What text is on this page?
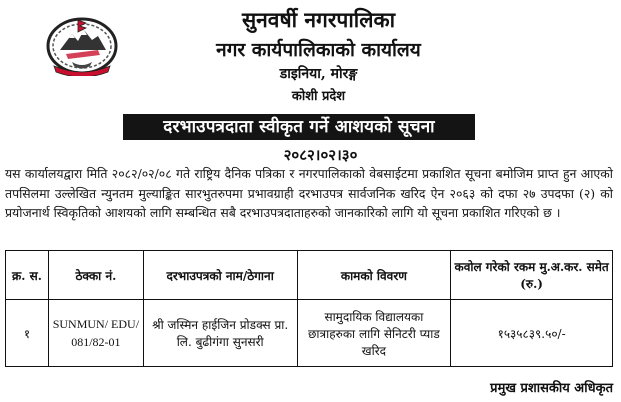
सुनवर्षी नगरपालिका
नगर कार्यपालिकाको कार्यालय
डाइनिया, मोरङ्ग
कोशी प्रदेश
दरभाउपत्रदाता स्वीकृत गर्ने आशयको सूचना
२०८२।०२।३०
यस कार्यालयद्वारा मिति २०८२/०२/०८ गते राष्ट्रिय दैनिक पत्रिका र नगरपालिकाको वेबसाईटमा प्रकाशित सूचना बमोजिम प्राप्त हुन आएको तपसिलमा उल्लेखित न्युनतम मुल्याङ्कित सारभुतरुपमा प्रभावग्राही दरभाउपत्र सार्वजनिक खरिद ऐन २०६३ को दफा २७ उपदफा (२) को प्रयोजनार्थ स्विकृतिको आशयको लागि सम्बन्धित सबै दरभाउपत्रदाताहरुको जानकारिको लागि यो सूचना प्रकाशित गरिएको छ ।
क्र. स.	ठेक्का नं.	दरभाउपत्रको नाम/ठेगाना	कामको विवरण	कवोल गरेको रकम मु.अ.कर. समेत (रु.)
१	SUNMUN/ EDU/ 081/82-01	श्री जस्मिन हाईजिन प्रोडक्स प्रा. लि. बुढीगंगा सुनसरी	सामुदायिक विद्यालयका छात्राहरुका लागि सेनिटरी प्याड खरिद	१५३५८३९.५०/-
प्रमुख प्रशासकीय अधिकृत
